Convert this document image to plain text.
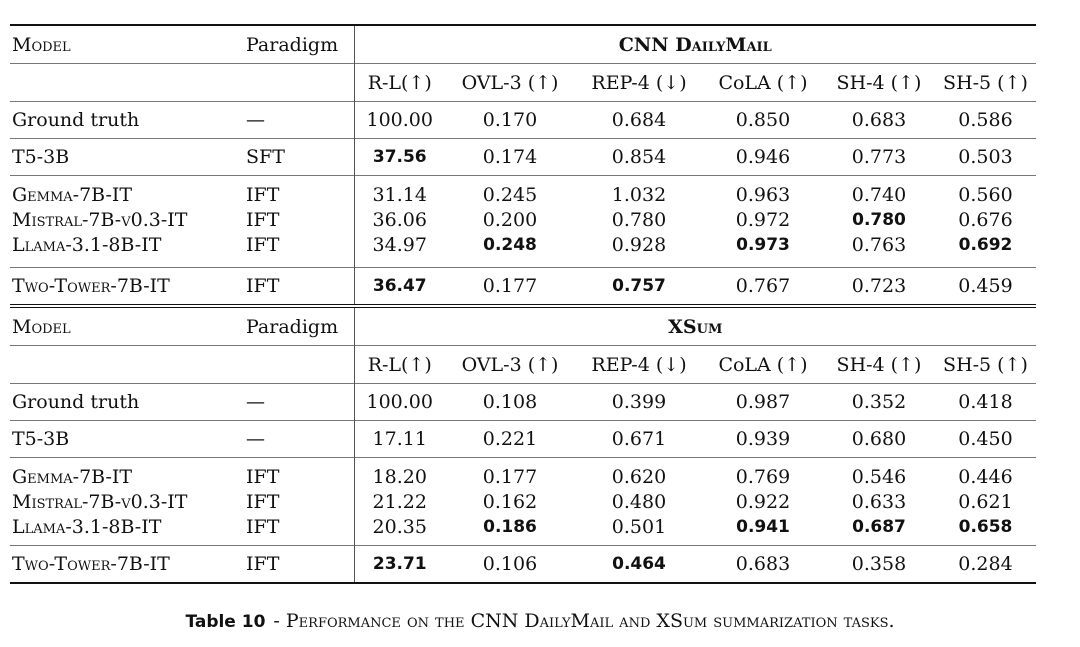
Model	Paradigm	CNN DailyMail					
		R-L(↑)	OVL-3 (↑)	REP-4 (↓)	CoLA (↑)	SH-4 (↑)	SH-5 (↑)
Ground truth	—	100.00	0.170	0.684	0.850	0.683	0.586
T5-3B	SFT	37.56	0.174	0.854	0.946	0.773	0.503
Gemma-7B-IT	IFT	31.14	0.245	1.032	0.963	0.740	0.560
Mistral-7B-v0.3-IT	IFT	36.06	0.200	0.780	0.972	0.780	0.676
Llama-3.1-8B-IT	IFT	34.97	0.248	0.928	0.973	0.763	0.692
Two-Tower-7B-IT	IFT	36.47	0.177	0.757	0.767	0.723	0.459
Model	Paradigm	XSum					
		R-L(↑)	OVL-3 (↑)	REP-4 (↓)	CoLA (↑)	SH-4 (↑)	SH-5 (↑)
Ground truth	—	100.00	0.108	0.399	0.987	0.352	0.418
T5-3B	—	17.11	0.221	0.671	0.939	0.680	0.450
Gemma-7B-IT	IFT	18.20	0.177	0.620	0.769	0.546	0.446
Mistral-7B-v0.3-IT	IFT	21.22	0.162	0.480	0.922	0.633	0.621
Llama-3.1-8B-IT	IFT	20.35	0.186	0.501	0.941	0.687	0.658
Two-Tower-7B-IT	IFT	23.71	0.106	0.464	0.683	0.358	0.284
Table 10 - Performance on the CNN DailyMail and XSum summarization tasks.
